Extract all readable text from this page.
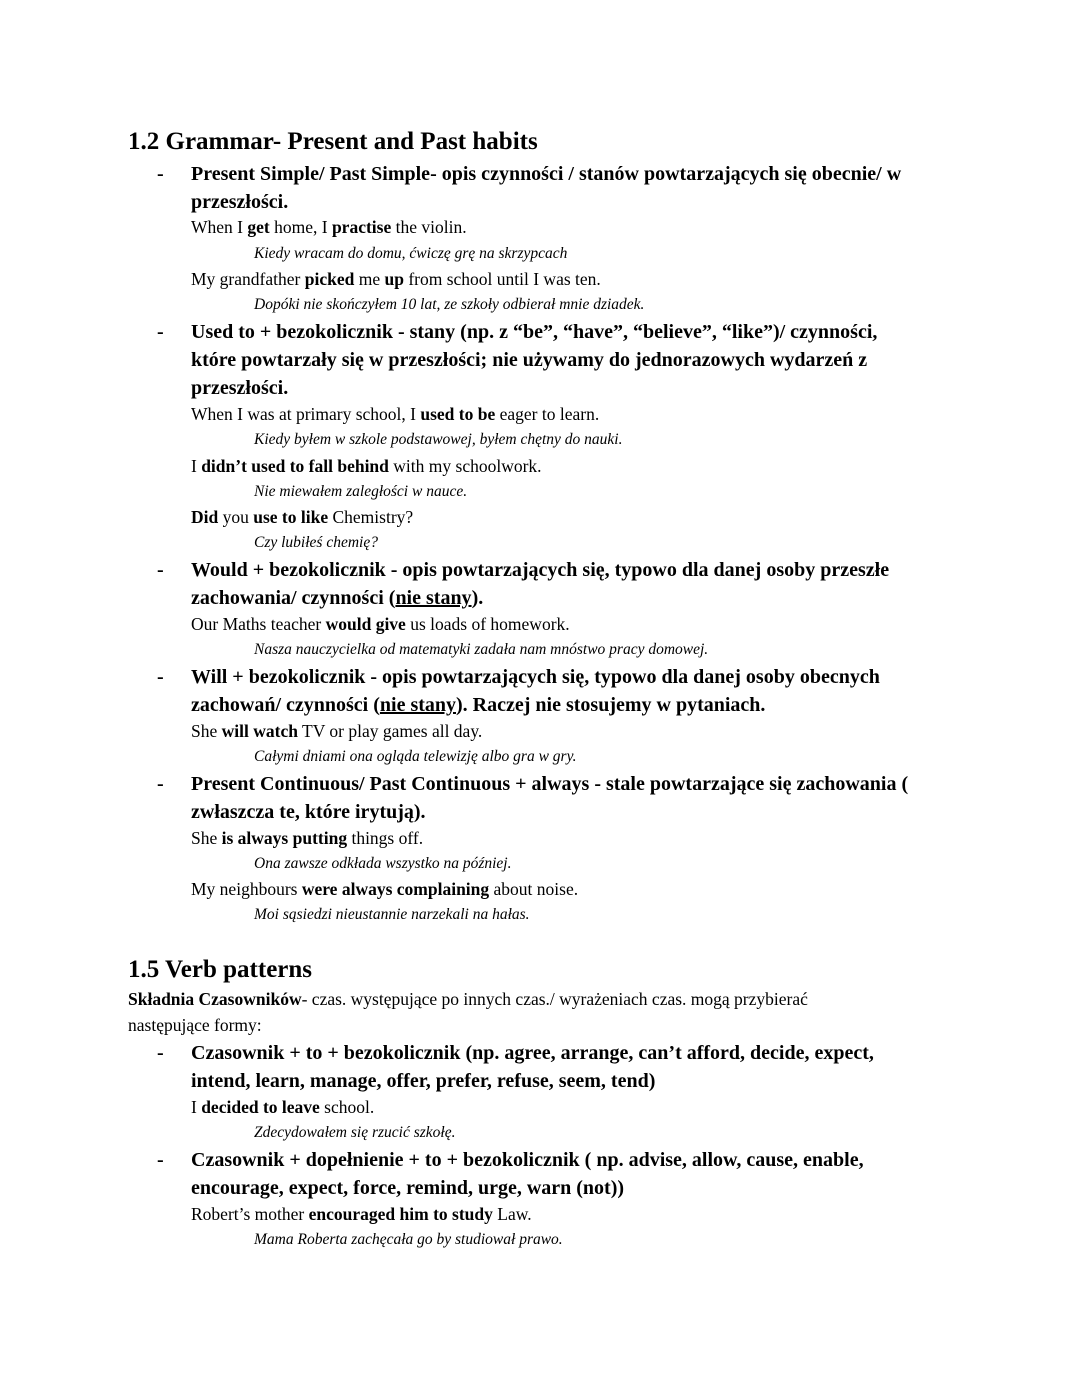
1.2 Grammar- Present and Past habits
- Present Simple/ Past Simple- opis czynności / stanów powtarzających się obecnie/ w
przeszłości.
When I get home, I practise the violin.
Kiedy wracam do domu, ćwiczę grę na skrzypcach
My grandfather picked me up from school until I was ten.
Dopóki nie skończyłem 10 lat, ze szkoły odbierał mnie dziadek.
- Used to + bezokolicznik - stany (np. z “be”, “have”, “believe”, “like”)/ czynności,
które powtarzały się w przeszłości; nie używamy do jednorazowych wydarzeń z
przeszłości.
When I was at primary school, I used to be eager to learn.
Kiedy byłem w szkole podstawowej, byłem chętny do nauki.
I didn’t used to fall behind with my schoolwork.
Nie miewałem zaległości w nauce.
Did you use to like Chemistry?
Czy lubiłeś chemię?
- Would + bezokolicznik - opis powtarzających się, typowo dla danej osoby przeszłe
zachowania/ czynności (nie stany).
Our Maths teacher would give us loads of homework.
Nasza nauczycielka od matematyki zadała nam mnóstwo pracy domowej.
- Will + bezokolicznik - opis powtarzających się, typowo dla danej osoby obecnych
zachowań/ czynności (nie stany). Raczej nie stosujemy w pytaniach.
She will watch TV or play games all day.
Całymi dniami ona ogląda telewizję albo gra w gry.
- Present Continuous/ Past Continuous + always - stale powtarzające się zachowania (
zwłaszcza te, które irytują).
She is always putting things off.
Ona zawsze odkłada wszystko na później.
My neighbours were always complaining about noise.
Moi sąsiedzi nieustannie narzekali na hałas.
1.5 Verb patterns
Składnia Czasowników- czas. występujące po innych czas./ wyrażeniach czas. mogą przybierać
następujące formy:
- Czasownik + to + bezokolicznik (np. agree, arrange, can’t afford, decide, expect,
intend, learn, manage, offer, prefer, refuse, seem, tend)
I decided to leave school.
Zdecydowałem się rzucić szkołę.
- Czasownik + dopełnienie + to + bezokolicznik ( np. advise, allow, cause, enable,
encourage, expect, force, remind, urge, warn (not))
Robert’s mother encouraged him to study Law.
Mama Roberta zachęcała go by studiował prawo.
